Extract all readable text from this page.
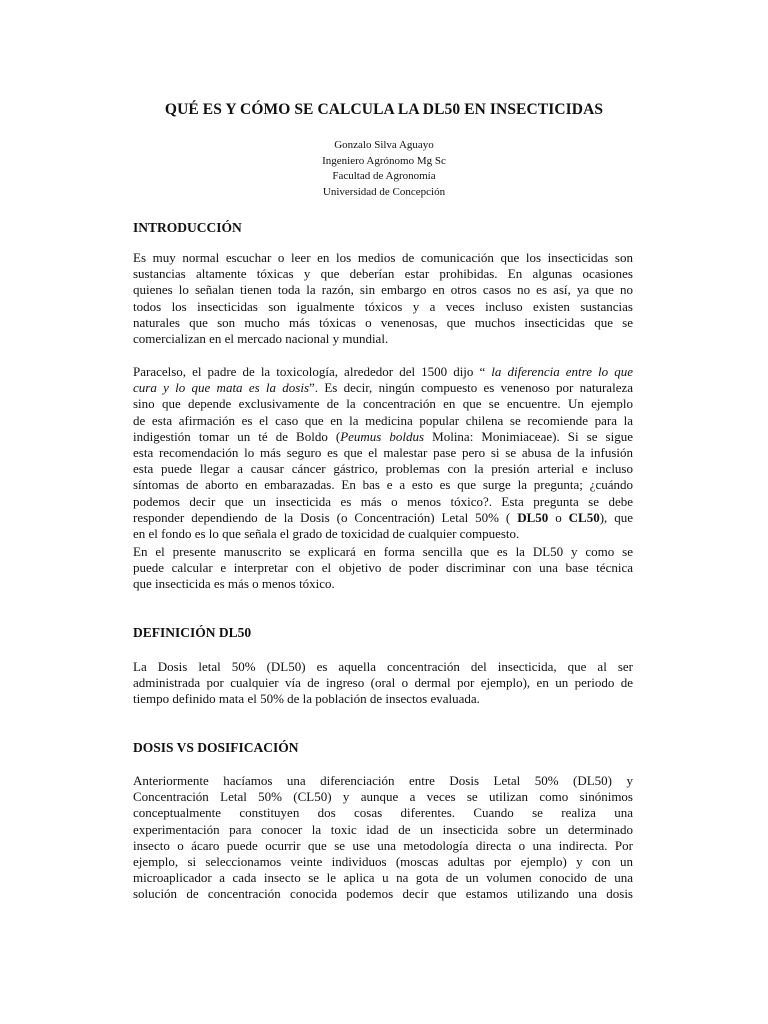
QUÉ ES Y CÓMO SE CALCULA LA DL50 EN INSECTICIDAS
Gonzalo Silva Aguayo
Ingeniero Agrónomo Mg Sc
Facultad de Agronomía
Universidad de Concepción
INTRODUCCIÓN
Es muy normal escuchar o leer en los medios de comunicación que los insecticidas son
sustancias altamente tóxicas y que deberían estar prohibidas. En algunas ocasiones
quienes lo señalan tienen toda la razón, sin embargo en otros casos no es así, ya que no
todos los insecticidas son igualmente tóxicos y a veces incluso existen sustancias
naturales que son mucho más tóxicas o venenosas, que muchos insecticidas que se
comercializan en el mercado nacional y mundial.
Paracelso, el padre de la toxicología, alrededor del 1500 dijo “ la diferencia entre lo que
cura y lo que mata es la dosis”. Es decir, ningún compuesto es venenoso por naturaleza
sino que depende exclusivamente de la concentración en que se encuentre. Un ejemplo
de esta afirmación es el caso que en la medicina popular chilena se recomiende para la
indigestión tomar un té de Boldo (Peumus boldus Molina: Monimiaceae). Si se sigue
esta recomendación lo más seguro es que el malestar pase pero si se abusa de la infusión
esta puede llegar a causar cáncer gástrico, problemas con la presión arterial e incluso
síntomas de aborto en embarazadas. En bas e a esto es que surge la pregunta; ¿cuándo
podemos decir que un insecticida es más o menos tóxico?. Esta pregunta se debe
responder dependiendo de la Dosis (o Concentración) Letal 50% ( DL50 o CL50), que
en el fondo es lo que señala el grado de toxicidad de cualquier compuesto.
En el presente manuscrito se explicará en forma sencilla que es la DL50 y como se
puede calcular e interpretar con el objetivo de poder discriminar con una base técnica
que insecticida es más o menos tóxico.
DEFINICIÓN DL50
La Dosis letal 50% (DL50) es aquella concentración del insecticida, que al ser
administrada por cualquier vía de ingreso (oral o dermal por ejemplo), en un periodo de
tiempo definido mata el 50% de la población de insectos evaluada.
DOSIS VS DOSIFICACIÓN
Anteriormente hacíamos una diferenciación entre Dosis Letal 50% (DL50) y
Concentración Letal 50% (CL50) y aunque a veces se utilizan como sinónimos
conceptualmente constituyen dos cosas diferentes. Cuando se realiza una
experimentación para conocer la toxic idad de un insecticida sobre un determinado
insecto o ácaro puede ocurrir que se use una metodología directa o una indirecta. Por
ejemplo, si seleccionamos veinte individuos (moscas adultas por ejemplo) y con un
microaplicador a cada insecto se le aplica u na gota de un volumen conocido de una
solución de concentración conocida podemos decir que estamos utilizando una dosis
